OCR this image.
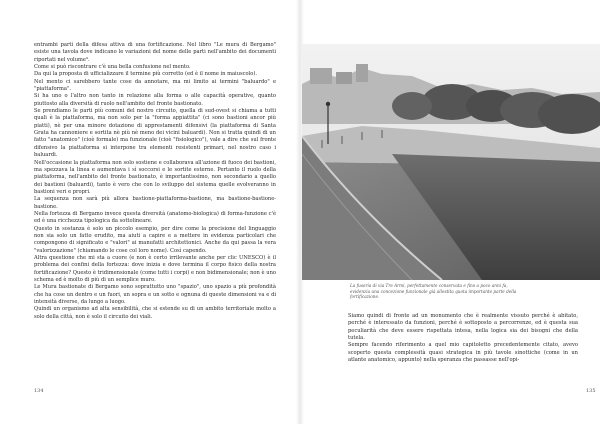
entrambi parti della difesa attiva di una fortificazione. Nel libro "Le mura di Bergamo" esiste una tavola dove indicano le variazioni del nome delle parti nell'ambito dei documenti riportati nel volume³.

Come si può riscontrare c'è una bella confusione nel mento.

Da qui la proposta di ufficializzare il termine più corretto (ed è il nome in maiuscolo).

Nel mento ci sarebbero tante cose da annotare, ma mi limito ai termini "baluardo" e "piattaforma".

Si ha uno o l'altro non tanto in relazione alla forma o alle capacità operative, quanto piuttosto alla diversità di ruolo nell'ambito del fronte bastionato.

Se prendiamo le parti più comuni del nostro circuito, quella di sud-ovest si chiama a tutti quali è la piattaforma, ma non solo per la "forma appiattita" (ci sono bastioni ancor più piatti), nè per una minore dotazione di apprestamenti difensivi (la piattaforma di Santa Grata ha cannoniere e sortita nè più nè meno dei vicini baluardi). Non si tratta quindi di un fatto "anatomico" (cioè formale) ma funzionale (cioè "fisiologico"), vale a dire che sul fronte difensivo la piattaforma si interpone tra elementi resistenti primari, nel nostro caso i baluardi.

Nell'occasione la piattaforma non solo sostiene e collaborava all'azione di fuoco dei bastioni, ma spezzava la linea e aumentava i sì soccorsi e le sortite esterne. Pertanto il ruolo della piattaforma, nell'ambito del fronte bastionato, è importantissimo, non secondario a quello dei bastioni (baluardi), tanto è vero che con lo sviluppo del sistema quelle evolveranno in bastioni veri e propri.

La sequenza non sarà più allora bastione-piattaforma-bastione, ma bastione-bastione-bastione.

Nella fortezza di Bergamo invece questa diversità (anatomo-biologica) di forma-funzione c'è ed è una ricchezza tipologica da sottolineare.

Questo in sostanza è solo un piccolo esempio, per dire come la precisione del linguaggio non sia solo un fatto erudito, ma aiuti a capire e a mettere in evidenza particolari che compongono di significato e "valori" ai manufatti architettonici. Anche da qui passa la vera "valorizzazione" (chiamando le cose col loro nome). Così capendo.

Altra questione che mi sta a cuore (e non è certo irrilevante anche per clic UNESCO) è il problema dei confini della fortezza: dove inizia e dove termina il corpo fisico della nostra fortificazione? Questo è tridimensionale (come tutti i corpi) e non bidimensionale; non è uno schema ed è molto di più di un semplice muro.

Le Mura bastionate di Bergamo sono soprattutto uno "spazio", uno spazio a più profondità che ha cose un dentro e un fuori, un sopra e un sotto e ognuna di queste dimensioni va e di intensità diverse, da lungo a luogo.

Quindi un organismo ad alta sensibilità, che si estende su di un ambito territoriale molto a solo della città, non è solo il circuito dei viali.

134
La fuseria di via Tre Armi, perfettamente conservata e fino a poco anni fa, evidenzia una concezione funzionale già allestita quota importante parte della fortificazione.

Siamo quindi di fronte ad un monumento che è realmente vissuto perché è abitato, perché è interessato da funzioni, perché è sottoposto a percorrenze, ed è questa sua peculiarità che deve essere rispettata intesa, nella logica sia dei bisogni che della tutela.

Sempre facendo riferimento a quel mio capitoletto precedentemente citato, avevo scoperto questa complessità quasi strategica in più tavole sinottiche (come in un atlante anatomico, appunto) nella speranza che passasse nell'opi-

135
